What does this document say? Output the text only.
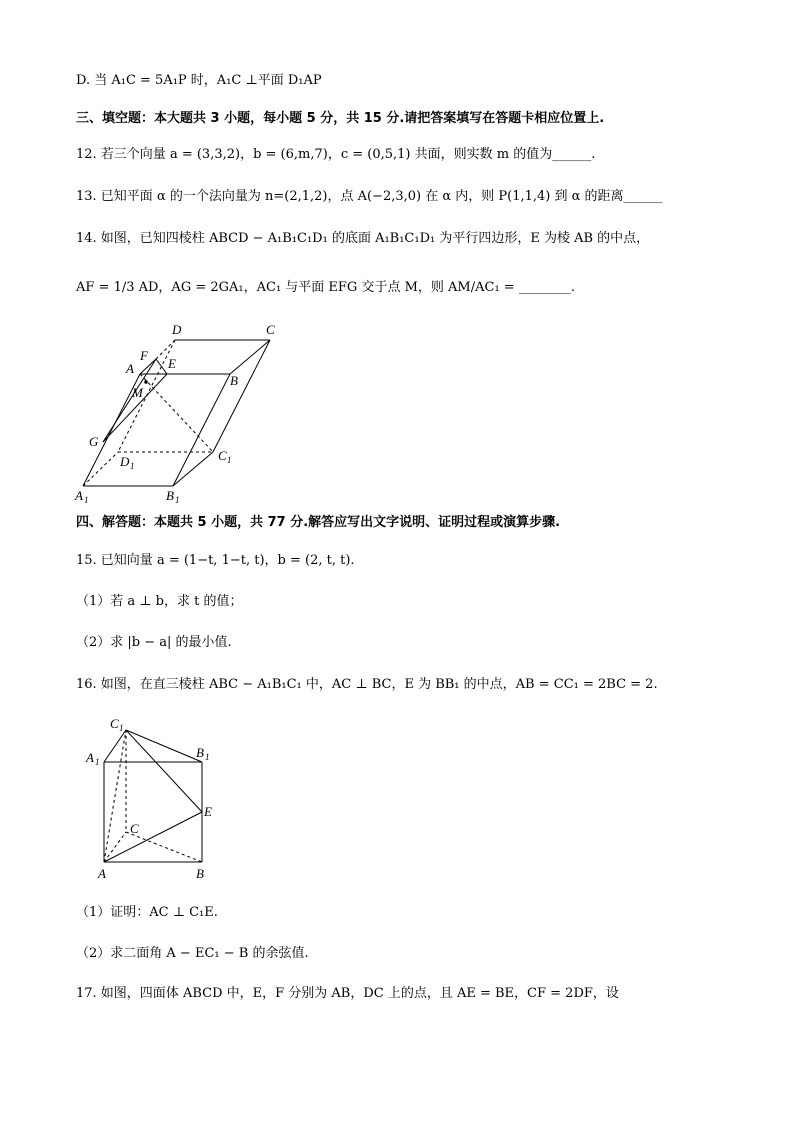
D. 当 A₁C = 5A₁P 时，A₁C ⊥平面 D₁AP
三、填空题：本大题共 3 小题，每小题 5 分，共 15 分.请把答案填写在答题卡相应位置上.
12. 若三个向量 a = (3,3,2)，b = (6,m,7)，c = (0,5,1) 共面，则实数 m 的值为______.
13. 已知平面 α 的一个法向量为 n=(2,1,2)，点 A(−2,3,0) 在 α 内，则 P(1,1,4) 到 α 的距离______
14. 如图，已知四棱柱 ABCD − A₁B₁C₁D₁ 的底面 A₁B₁C₁D₁ 为平行四边形，E 为棱 AB 的中点，
AF = 1/3 AD，AG = 2GA₁，AC₁ 与平面 EFG 交于点 M，则 AM/AC₁ = ________.
D	C
F
A	E
B
M
G
D 1
C 1
A 1	B 1
四、解答题：本题共 5 小题，共 77 分.解答应写出文字说明、证明过程或演算步骤.
15. 已知向量 a = (1−t, 1−t, t)，b = (2, t, t).
（1）若 a ⊥ b，求 t 的值；
（2）求 |b − a| 的最小值.
16. 如图，在直三棱柱 ABC − A₁B₁C₁ 中，AC ⊥ BC，E 为 BB₁ 的中点，AB = CC₁ = 2BC = 2.
C 1
A 1
B 1
E
C
A	B
（1）证明：AC ⊥ C₁E.
（2）求二面角 A − EC₁ − B 的余弦值.
17. 如图，四面体 ABCD 中，E，F 分别为 AB，DC 上的点，且 AE = BE，CF = 2DF，设
